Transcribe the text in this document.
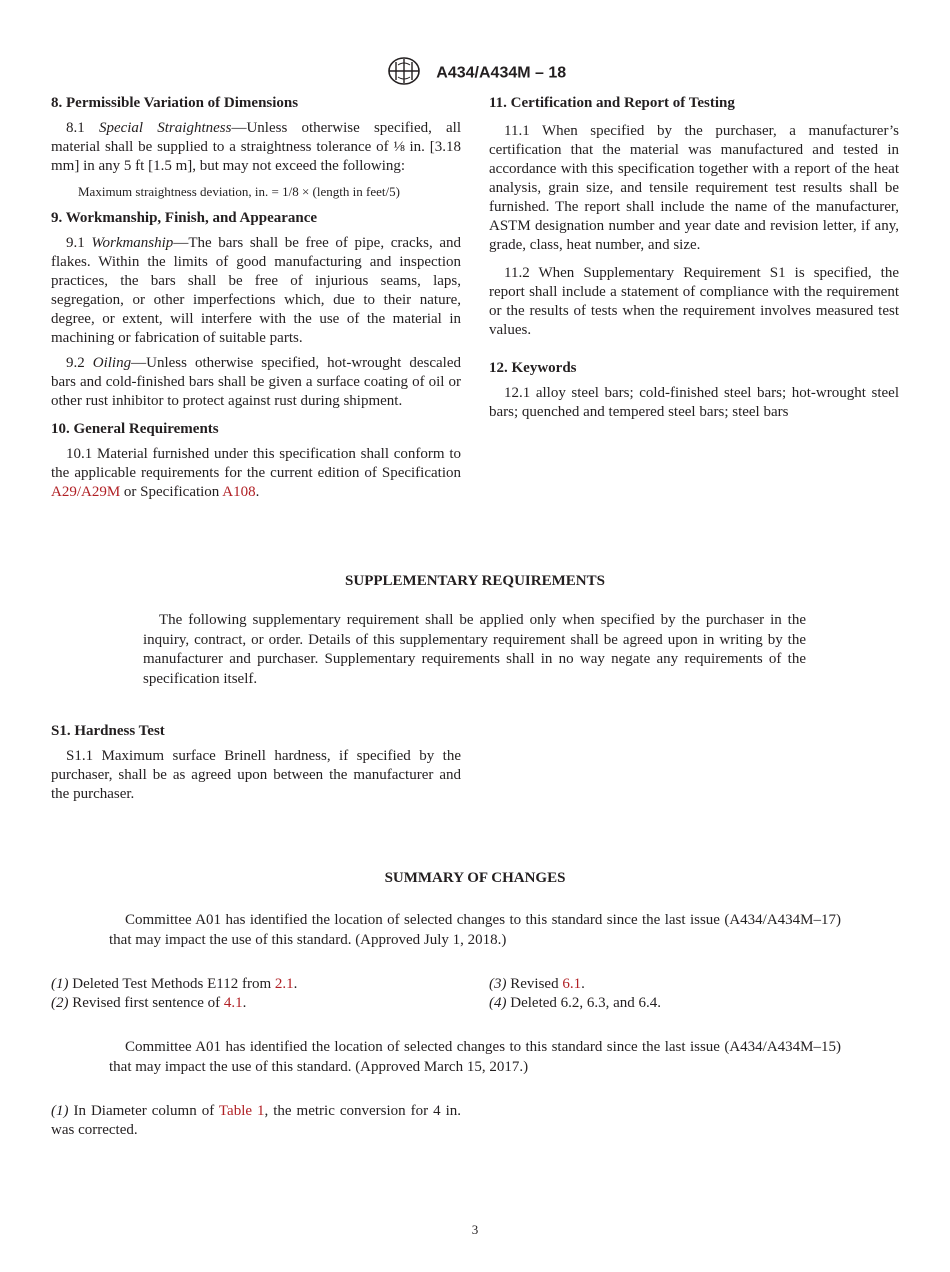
A434/A434M – 18
8. Permissible Variation of Dimensions

8.1 Special Straightness—Unless otherwise specified, all material shall be supplied to a straightness tolerance of ⅛ in. [3.18 mm] in any 5 ft [1.5 m], but may not exceed the following:

Maximum straightness deviation, in. = 1/8 × (length in feet/5)

9. Workmanship, Finish, and Appearance

9.1 Workmanship—The bars shall be free of pipe, cracks, and flakes. Within the limits of good manufacturing and inspection practices, the bars shall be free of injurious seams, laps, segregation, or other imperfections which, due to their nature, degree, or extent, will interfere with the use of the material in machining or fabrication of suitable parts.

9.2 Oiling—Unless otherwise specified, hot-wrought descaled bars and cold-finished bars shall be given a surface coating of oil or other rust inhibitor to protect against rust during shipment.

10. General Requirements

10.1 Material furnished under this specification shall conform to the applicable requirements for the current edition of Specification A29/A29M or Specification A108.

11. Certification and Report of Testing

11.1 When specified by the purchaser, a manufacturer’s certification that the material was manufactured and tested in accordance with this specification together with a report of the heat analysis, grain size, and tensile requirement test results shall be furnished. The report shall include the name of the manufacturer, ASTM designation number and year date and revision letter, if any, grade, class, heat number, and size.

11.2 When Supplementary Requirement S1 is specified, the report shall include a statement of compliance with the requirement or the results of tests when the requirement involves measured test values.

12. Keywords

12.1 alloy steel bars; cold-finished steel bars; hot-wrought steel bars; quenched and tempered steel bars; steel bars

SUPPLEMENTARY REQUIREMENTS

The following supplementary requirement shall be applied only when specified by the purchaser in the inquiry, contract, or order. Details of this supplementary requirement shall be agreed upon in writing by the manufacturer and purchaser. Supplementary requirements shall in no way negate any requirements of the specification itself.

S1. Hardness Test

S1.1 Maximum surface Brinell hardness, if specified by the purchaser, shall be as agreed upon between the manufacturer and the purchaser.

SUMMARY OF CHANGES

Committee A01 has identified the location of selected changes to this standard since the last issue (A434/A434M–17) that may impact the use of this standard. (Approved July 1, 2018.)

(1) Deleted Test Methods E112 from 2.1.
(2) Revised first sentence of 4.1.
(3) Revised 6.1.
(4) Deleted 6.2, 6.3, and 6.4.

Committee A01 has identified the location of selected changes to this standard since the last issue (A434/A434M–15) that may impact the use of this standard. (Approved March 15, 2017.)

(1) In Diameter column of Table 1, the metric conversion for 4 in. was corrected.

3
